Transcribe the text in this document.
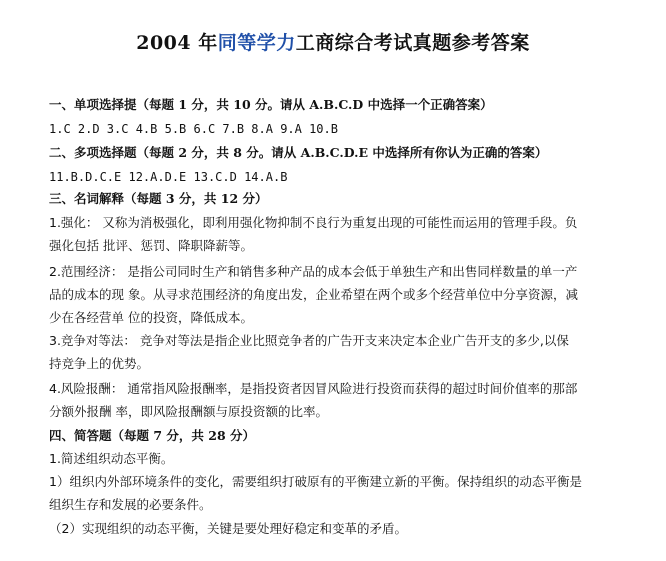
2004 年同等学力工商综合考试真题参考答案
一、单项选择提（每题 1 分，共 10 分。请从 A.B.C.D 中选择一个正确答案）
1.C 2.D 3.C 4.B 5.B 6.C 7.B 8.A 9.A 10.B
二、多项选择题（每题 2 分，共 8 分。请从 A.B.C.D.E 中选择所有你认为正确的答案）
11.B.D.C.E 12.A.D.E 13.C.D 14.A.B
三、名词解释（每题 3 分，共 12 分）
1.强化： 又称为消极强化，即利用强化物抑制不良行为重复出现的可能性而运用的管理手段。负
强化包括 批评、惩罚、降职降薪等。
2.范围经济： 是指公司同时生产和销售多种产品的成本会低于单独生产和出售同样数量的单一产
品的成本的现 象。从寻求范围经济的角度出发，企业希望在两个或多个经营单位中分享资源，减
少在各经营单 位的投资，降低成本。
3.竞争对等法： 竞争对等法是指企业比照竞争者的广告开支来决定本企业广告开支的多少,以保
持竞争上的优势。
4.风险报酬： 通常指风险报酬率，是指投资者因冒风险进行投资而获得的超过时间价值率的那部
分额外报酬 率，即风险报酬额与原投资额的比率。
四、简答题（每题 7 分，共 28 分）
1.简述组织动态平衡。
1）组织内外部环境条件的变化，需要组织打破原有的平衡建立新的平衡。保持组织的动态平衡是
组织生存和发展的必要条件。
（2）实现组织的动态平衡，关键是要处理好稳定和变革的矛盾。
